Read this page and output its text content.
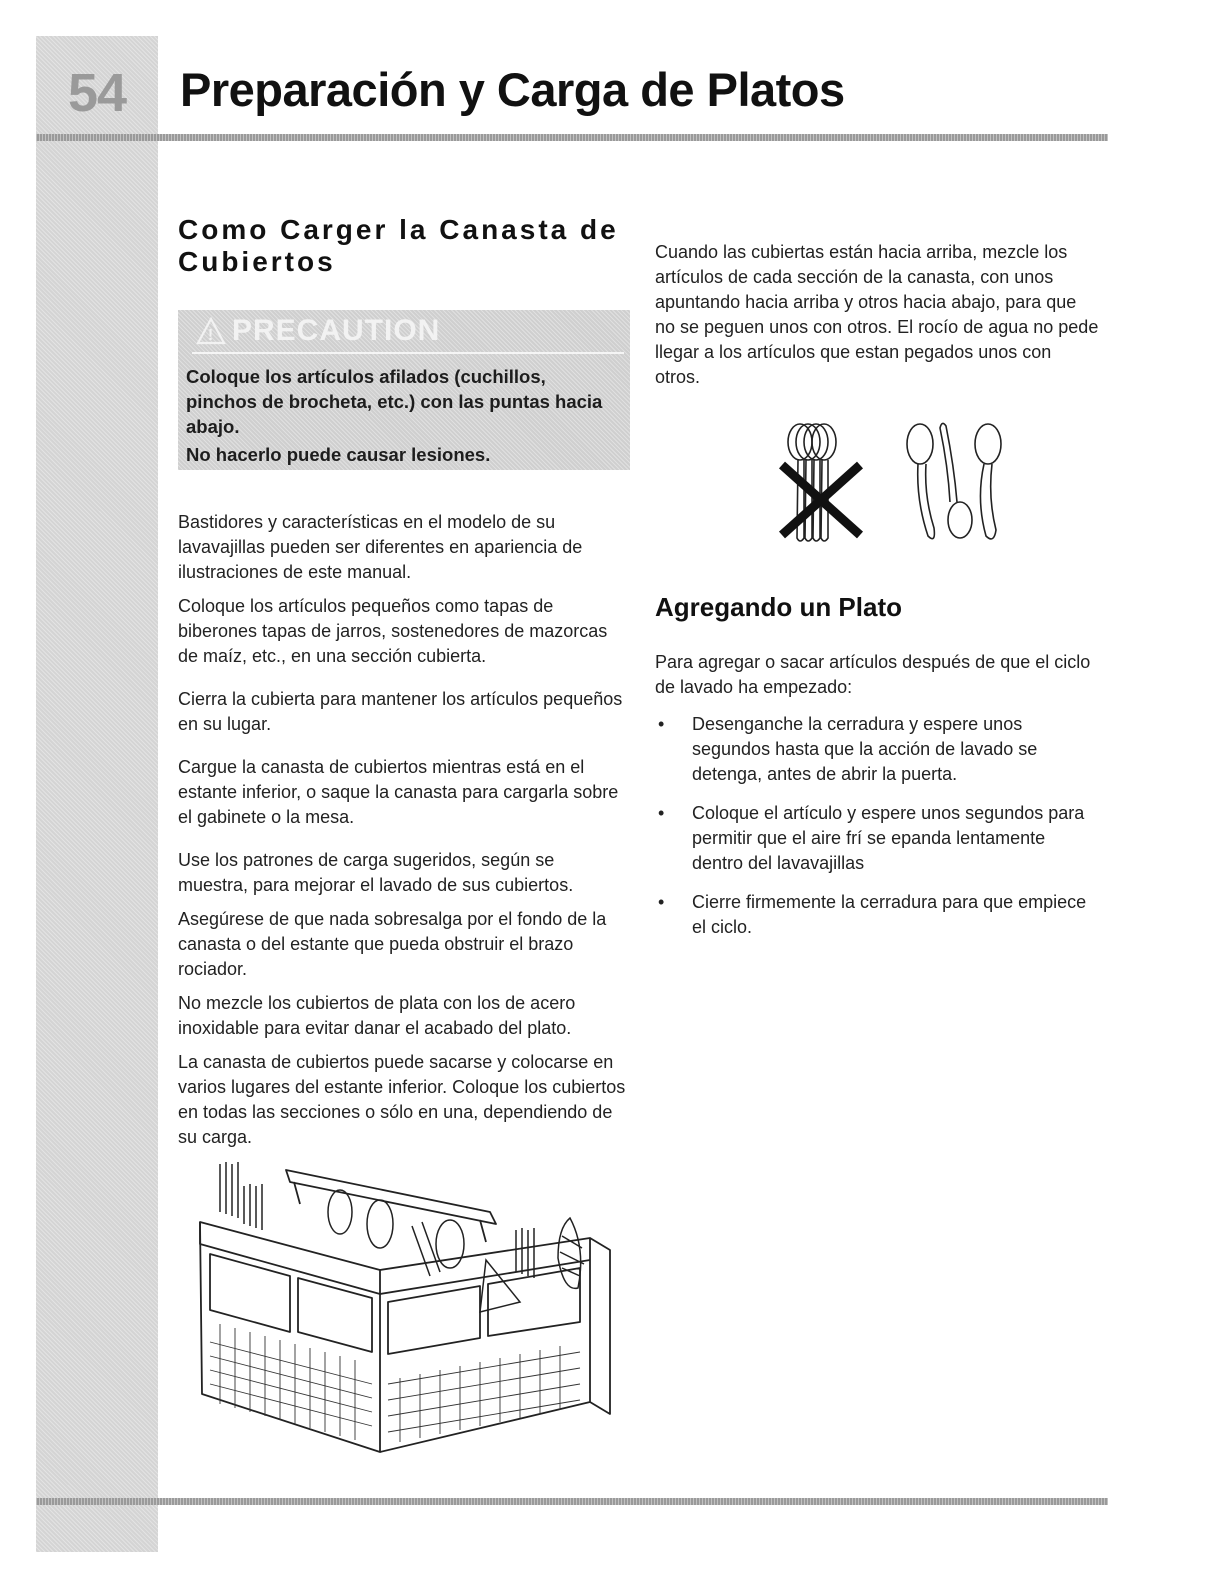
54	Preparación y Carga de Platos
Como Carger la Canasta de Cubiertos
! PRECAUTION

Coloque los artículos afilados (cuchillos, pinchos de brocheta, etc.) con las puntas hacia abajo.

No hacerlo puede causar lesiones.

Bastidores y características en el modelo de su lavavajillas pueden ser diferentes en apariencia de ilustraciones de este manual.

Coloque los artículos pequeños como tapas de biberones tapas de jarros, sostenedores de mazorcas de maíz, etc., en una sección cubierta.

Cierra la cubierta para mantener los artículos pequeños en su lugar.

Cargue la canasta de cubiertos mientras está en el estante inferior, o saque la canasta para cargarla sobre el gabinete o la mesa.

Use los patrones de carga sugeridos, según se muestra, para mejorar el lavado de sus cubiertos.

Asegúrese de que nada sobresalga por el fondo de la canasta o del estante que pueda obstruir el brazo rociador.

No mezcle los cubiertos de plata con los de acero inoxidable para evitar danar el acabado del plato.

La canasta de cubiertos puede sacarse y colocarse en varios lugares del estante inferior. Coloque los cubiertos en todas las secciones o sólo en una, dependiendo de su carga.

Cuando las cubiertas están hacia arriba, mezcle los artículos de cada sección de la canasta, con unos apuntando hacia arriba y otros hacia abajo, para que no se peguen unos con otros. El rocío de agua no pede llegar a los artículos que estan pegados unos con otros.

Agregando un Plato

Para agregar o sacar artículos después de que el ciclo de lavado ha empezado:

• Desenganche la cerradura y espere unos segundos hasta que la acción de lavado se detenga, antes de abrir la puerta.
• Coloque el artículo y espere unos segundos para permitir que el aire frí se epanda lentamente dentro del lavavajillas
• Cierre firmemente la cerradura para que empiece el ciclo.
